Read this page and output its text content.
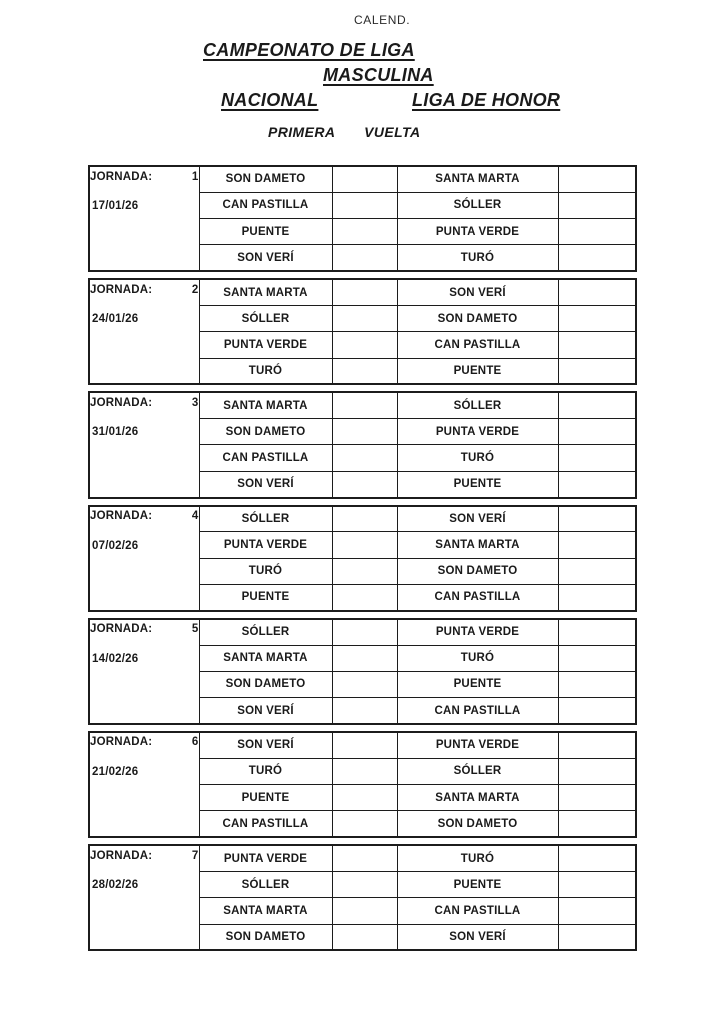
CALEND.
CAMPEONATO DE LIGA
MASCULINA
NACIONAL	LIGA DE HONOR
PRIMERA VUELTA
JORNADA: 1
17/01/26	SON DAMETO		SANTA MARTA	
	CAN PASTILLA		SÓLLER	
	PUENTE		PUNTA VERDE	
	SON VERÍ		TURÓ	
JORNADA: 2
24/01/26	SANTA MARTA		SON VERÍ	
	SÓLLER		SON DAMETO	
	PUNTA VERDE		CAN PASTILLA	
	TURÓ		PUENTE	
JORNADA: 3
31/01/26	SANTA MARTA		SÓLLER	
	SON DAMETO		PUNTA VERDE	
	CAN PASTILLA		TURÓ	
	SON VERÍ		PUENTE	
JORNADA: 4
07/02/26	SÓLLER		SON VERÍ	
	PUNTA VERDE		SANTA MARTA	
	TURÓ		SON DAMETO	
	PUENTE		CAN PASTILLA	
JORNADA: 5
14/02/26	SÓLLER		PUNTA VERDE	
	SANTA MARTA		TURÓ	
	SON DAMETO		PUENTE	
	SON VERÍ		CAN PASTILLA	
JORNADA: 6
21/02/26	SON VERÍ		PUNTA VERDE	
	TURÓ		SÓLLER	
	PUENTE		SANTA MARTA	
	CAN PASTILLA		SON DAMETO	
JORNADA: 7
28/02/26	PUNTA VERDE		TURÓ	
	SÓLLER		PUENTE	
	SANTA MARTA		CAN PASTILLA	
	SON DAMETO		SON VERÍ	
